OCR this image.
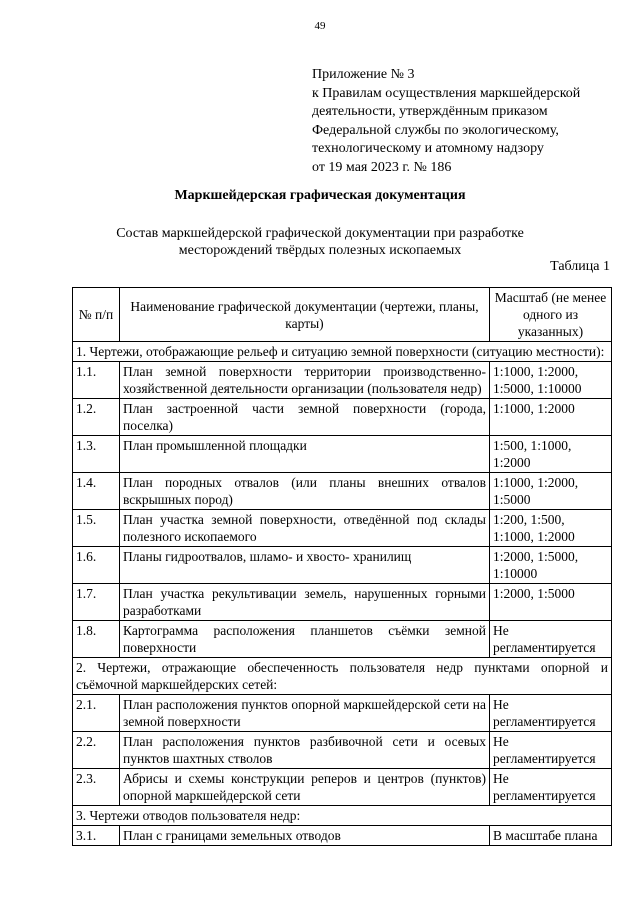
49
Приложение № 3
к Правилам осуществления маркшейдерской
деятельности, утверждённым приказом
Федеральной службы по экологическому,
технологическому и атомному надзору
от 19 мая 2023 г. № 186
Маркшейдерская графическая документация
Состав маркшейдерской графической документации при разработке
месторождений твёрдых полезных ископаемых
Таблица 1
№ п/п	Наименование графической документации (чертежи, планы, карты)	Масштаб (не менее одного из указанных)
1. Чертежи, отображающие рельеф и ситуацию земной поверхности (ситуацию местности):		
1.1.	План земной поверхности территории производственно-хозяйственной деятельности организации (пользователя недр)	1:1000, 1:2000, 1:5000, 1:10000
1.2.	План застроенной части земной поверхности (города, поселка)	1:1000, 1:2000
1.3.	План промышленной площадки	1:500, 1:1000, 1:2000
1.4.	План породных отвалов (или планы внешних отвалов вскрышных пород)	1:1000, 1:2000, 1:5000
1.5.	План участка земной поверхности, отведённой под склады полезного ископаемого	1:200, 1:500, 1:1000, 1:2000
1.6.	Планы гидроотвалов, шламо- и хвосто- хранилищ	1:2000, 1:5000, 1:10000
1.7.	План участка рекультивации земель, нарушенных горными разработками	1:2000, 1:5000
1.8.	Картограмма расположения планшетов съёмки земной поверхности	Не регламентируется
2. Чертежи, отражающие обеспеченность пользователя недр пунктами опорной и съёмочной маркшейдерских сетей:		
2.1.	План расположения пунктов опорной маркшейдерской сети на земной поверхности	Не регламентируется
2.2.	План расположения пунктов разбивочной сети и осевых пунктов шахтных стволов	Не регламентируется
2.3.	Абрисы и схемы конструкции реперов и центров (пунктов) опорной маркшейдерской сети	Не регламентируется
3. Чертежи отводов пользователя недр:		
3.1.	План с границами земельных отводов	В масштабе плана
